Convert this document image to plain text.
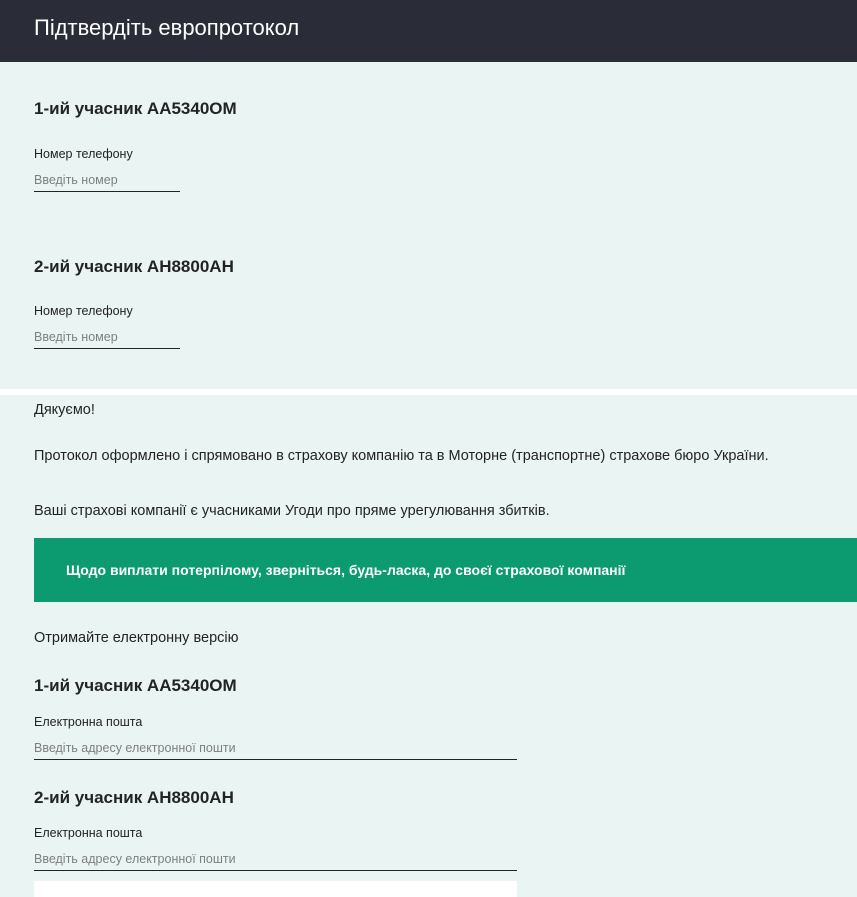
Підтвердіть европротокол
1-ий учасник АА5340ОМ
Номер телефону
Введіть номер
2-ий учасник АН8800АН
Номер телефону
Введіть номер
Дякуємо!
Протокол оформлено і спрямовано в страхову компанію та в Моторне (транспортне) страхове бюро України.
Ваші страхові компанії є учасниками Угоди про пряме урегулювання збитків.
Щодо виплати потерпілому, зверніться, будь-ласка, до своєї страхової компанії
Отримайте електронну версію
1-ий учасник АА5340ОМ
Електронна пошта
Введіть адресу електронної пошти
2-ий учасник АН8800АН
Електронна пошта
Введіть адресу електронної пошти
